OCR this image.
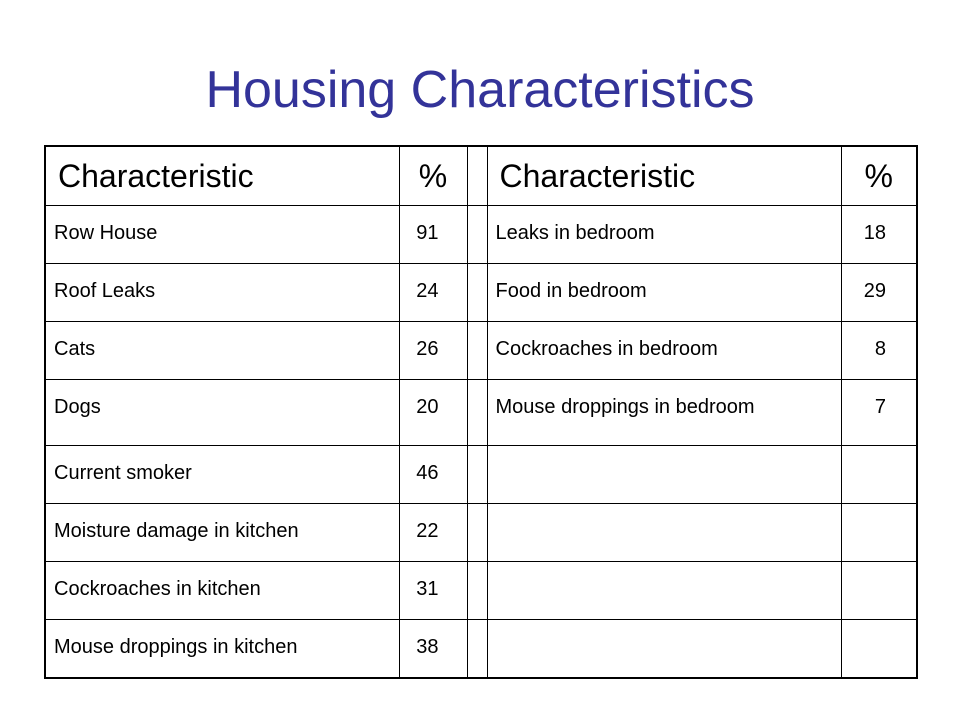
Housing Characteristics
Characteristic	%		Characteristic	%
Row House	91		Leaks in bedroom	18
Roof Leaks	24		Food in bedroom	29
Cats	26		Cockroaches in bedroom	8
Dogs	20		Mouse droppings in bedroom	7
Current smoker	46			
Moisture damage in kitchen	22			
Cockroaches in kitchen	31			
Mouse droppings in kitchen	38			
